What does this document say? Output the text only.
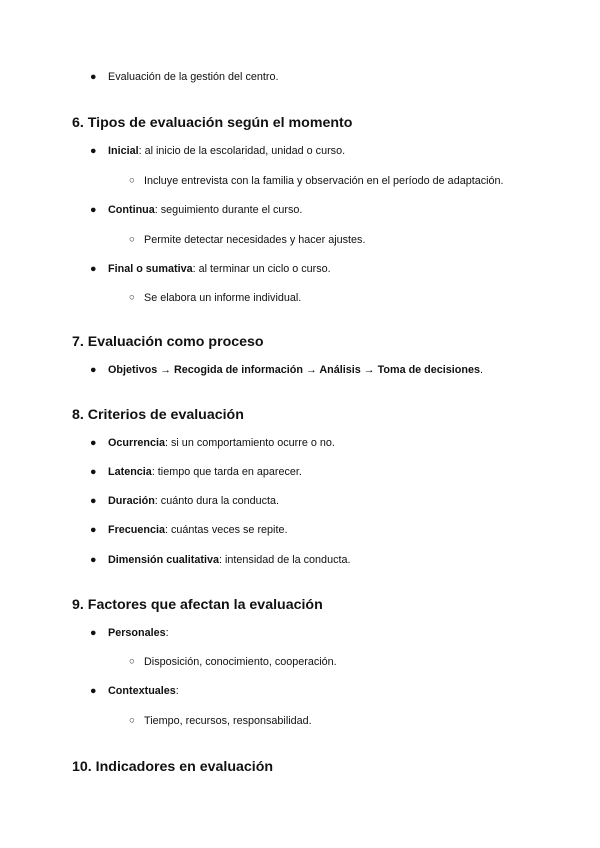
●	Evaluación de la gestión del centro.
6. Tipos de evaluación según el momento
●	Inicial: al inicio de la escolaridad, unidad o curso.
○ Incluye entrevista con la familia y observación en el período de adaptación.
●	Continua: seguimiento durante el curso.
○ Permite detectar necesidades y hacer ajustes.
●	Final o sumativa: al terminar un ciclo o curso.
○ Se elabora un informe individual.
7. Evaluación como proceso
●	Objetivos → Recogida de información → Análisis → Toma de decisiones.
8. Criterios de evaluación
●	Ocurrencia: si un comportamiento ocurre o no.
●	Latencia: tiempo que tarda en aparecer.
●	Duración: cuánto dura la conducta.
●	Frecuencia: cuántas veces se repite.
●	Dimensión cualitativa: intensidad de la conducta.
9. Factores que afectan la evaluación
●	Personales:
○ Disposición, conocimiento, cooperación.
●	Contextuales:
○ Tiempo, recursos, responsabilidad.
10. Indicadores en evaluación
